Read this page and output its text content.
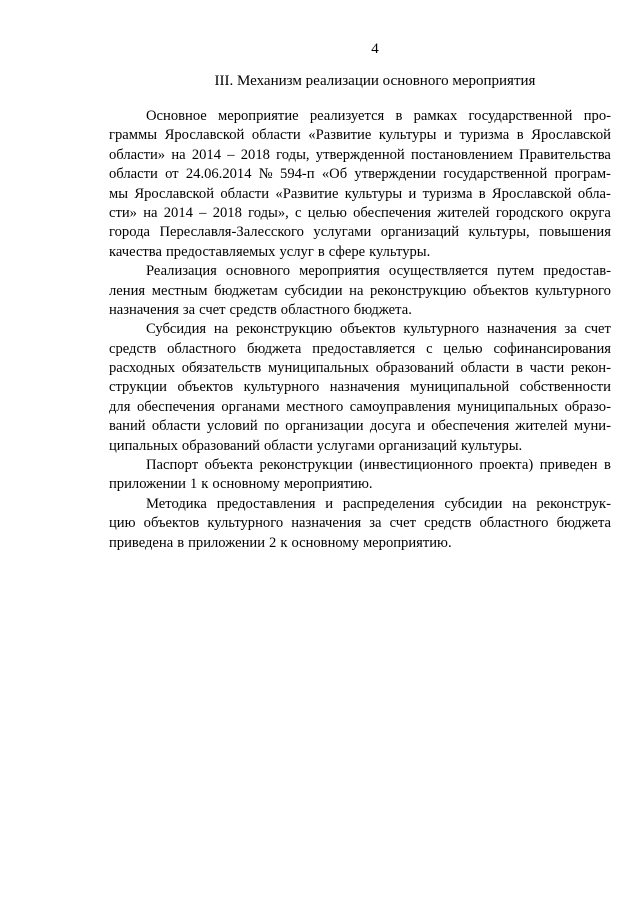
4
III. Механизм реализации основного мероприятия
Основное мероприятие реализуется в рамках государственной про-
граммы Ярославской области «Развитие культуры и туризма в Ярославской
области» на 2014 – 2018 годы, утвержденной постановлением Правительства
области от 24.06.2014 № 594-п «Об утверждении государственной програм-
мы Ярославской области «Развитие культуры и туризма в Ярославской обла-
сти» на 2014 – 2018 годы», с целью обеспечения жителей городского округа
города Переславля-Залесского услугами организаций культуры, повышения
качества предоставляемых услуг в сфере культуры.
Реализация основного мероприятия осуществляется путем предостав-
ления местным бюджетам субсидии на реконструкцию объектов культурного
назначения за счет средств областного бюджета.
Субсидия на реконструкцию объектов культурного назначения за счет
средств областного бюджета предоставляется с целью софинансирования
расходных обязательств муниципальных образований области в части рекон-
струкции объектов культурного назначения муниципальной собственности
для обеспечения органами местного самоуправления муниципальных образо-
ваний области условий по организации досуга и обеспечения жителей муни-
ципальных образований области услугами организаций культуры.
Паспорт объекта реконструкции (инвестиционного проекта) приведен в
приложении 1 к основному мероприятию.
Методика предоставления и распределения субсидии на реконструк-
цию объектов культурного назначения за счет средств областного бюджета
приведена в приложении 2 к основному мероприятию.
